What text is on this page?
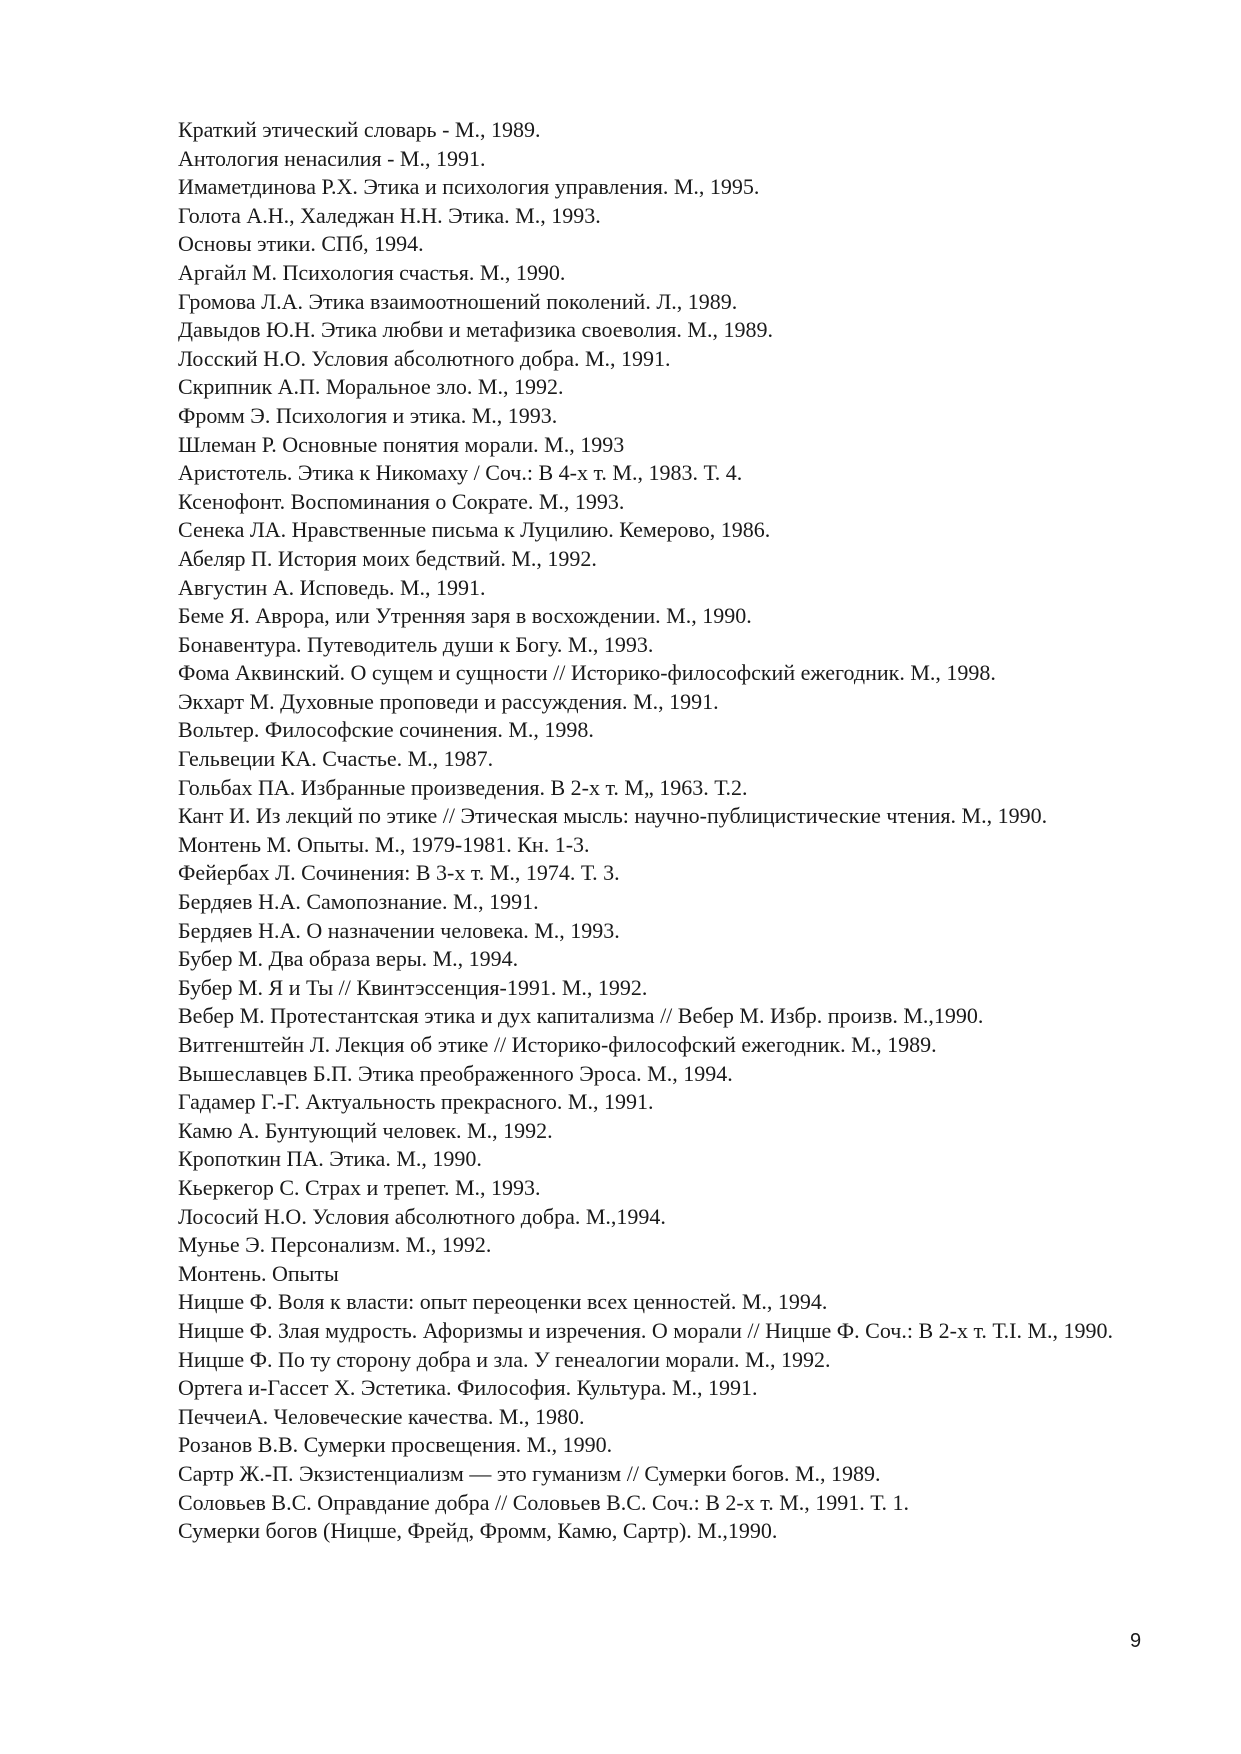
Краткий этический словарь - М., 1989.
Антология ненасилия - М., 1991.
Имаметдинова Р.Х. Этика и психология управления. М., 1995.
Голота А.Н., Халеджан Н.Н. Этика. М., 1993.
Основы этики. СПб, 1994.
Аргайл М. Психология счастья. М., 1990.
Громова Л.А. Этика взаимоотношений поколений. Л., 1989.
Давыдов Ю.Н. Этика любви и метафизика своеволия. М., 1989.
Лосский Н.О. Условия абсолютного добра. М., 1991.
Скрипник А.П. Моральное зло. М., 1992.
Фромм Э. Психология и этика. М., 1993.
Шлеман Р. Основные понятия морали. М., 1993
Аристотель. Этика к Никомаху / Соч.: В 4-х т. М., 1983. Т. 4.
Ксенофонт. Воспоминания о Сократе. М., 1993.
Сенека ЛА. Нравственные письма к Луцилию. Кемерово, 1986.
Абеляр П. История моих бедствий. М., 1992.
Августин А. Исповедь. М., 1991.
Беме Я. Аврора, или Утренняя заря в восхождении. М., 1990.
Бонавентура. Путеводитель души к Богу. М., 1993.
Фома Аквинский. О сущем и сущности // Историко-философский ежегодник. М., 1998.
Экхарт М. Духовные проповеди и рассуждения. М., 1991.
Вольтер. Философские сочинения. М., 1998.
Гельвеции КА. Счастье. М., 1987.
Гольбах ПА. Избранные произведения. В 2-х т. М„ 1963. Т.2.
Кант И. Из лекций по этике // Этическая мысль: научно-публицистические чтения. М., 1990.
Монтень М. Опыты. М., 1979-1981. Кн. 1-3.
Фейербах Л. Сочинения: В 3-х т. М., 1974. Т. 3.
Бердяев Н.А. Самопознание. М., 1991.
Бердяев Н.А. О назначении человека. М., 1993.
Бубер М. Два образа веры. М., 1994.
Бубер М. Я и Ты // Квинтэссенция-1991. М., 1992.
Вебер М. Протестантская этика и дух капитализма // Вебер М. Избр. произв. М.,1990.
Витгенштейн Л. Лекция об этике // Историко-философский ежегодник. М., 1989.
Вышеславцев Б.П. Этика преображенного Эроса. М., 1994.
Гадамер Г.-Г. Актуальность прекрасного. М., 1991.
Камю А. Бунтующий человек. М., 1992.
Кропоткин ПА. Этика. М., 1990.
Кьеркегор С. Страх и трепет. М., 1993.
Лососий Н.О. Условия абсолютного добра. М.,1994.
Мунье Э. Персонализм. М., 1992.
Монтень. Опыты
Ницше Ф. Воля к власти: опыт переоценки всех ценностей. М., 1994.
Ницше Ф. Злая мудрость. Афоризмы и изречения. О морали // Ницше Ф. Соч.: В 2-х т. Т.I. М., 1990.
Ницше Ф. По ту сторону добра и зла. У генеалогии морали. М., 1992.
Ортега и-Гассет Х. Эстетика. Философия. Культура. М., 1991.
ПеччеиА. Человеческие качества. М., 1980.
Розанов В.В. Сумерки просвещения. М., 1990.
Сартр Ж.-П. Экзистенциализм — это гуманизм // Сумерки богов. М., 1989.
Соловьев В.С. Оправдание добра // Соловьев В.С. Соч.: В 2-х т. М., 1991. Т. 1.
Сумерки богов (Ницше, Фрейд, Фромм, Камю, Сартр). М.,1990.
9
